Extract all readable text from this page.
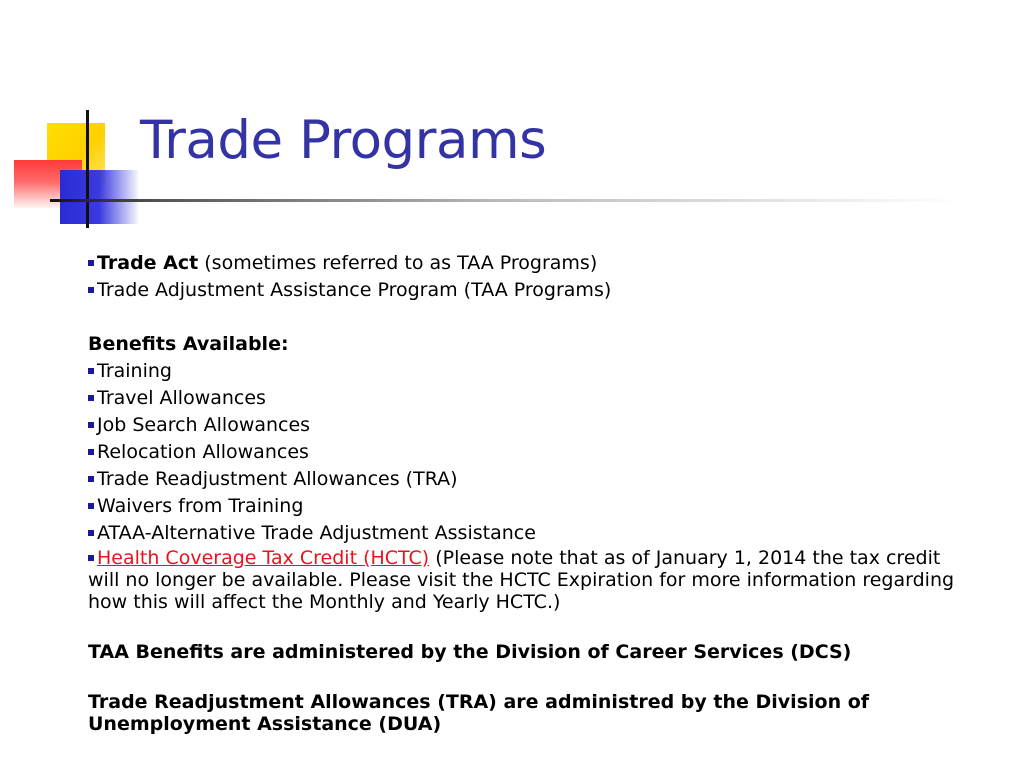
Trade Programs
Trade Act (sometimes referred to as TAA Programs)
Trade Adjustment Assistance Program (TAA Programs)
Benefits Available:
Training
Travel Allowances
Job Search Allowances
Relocation Allowances
Trade Readjustment Allowances (TRA)
Waivers from Training
ATAA-Alternative Trade Adjustment Assistance
Health Coverage Tax Credit (HCTC) (Please note that as of January 1, 2014 the tax credit will no longer be available. Please visit the HCTC Expiration for more information regarding how this will affect the Monthly and Yearly HCTC.)
TAA Benefits are administered by the Division of Career Services (DCS)
Trade Readjustment Allowances (TRA) are administred by the Division of Unemployment Assistance (DUA)
